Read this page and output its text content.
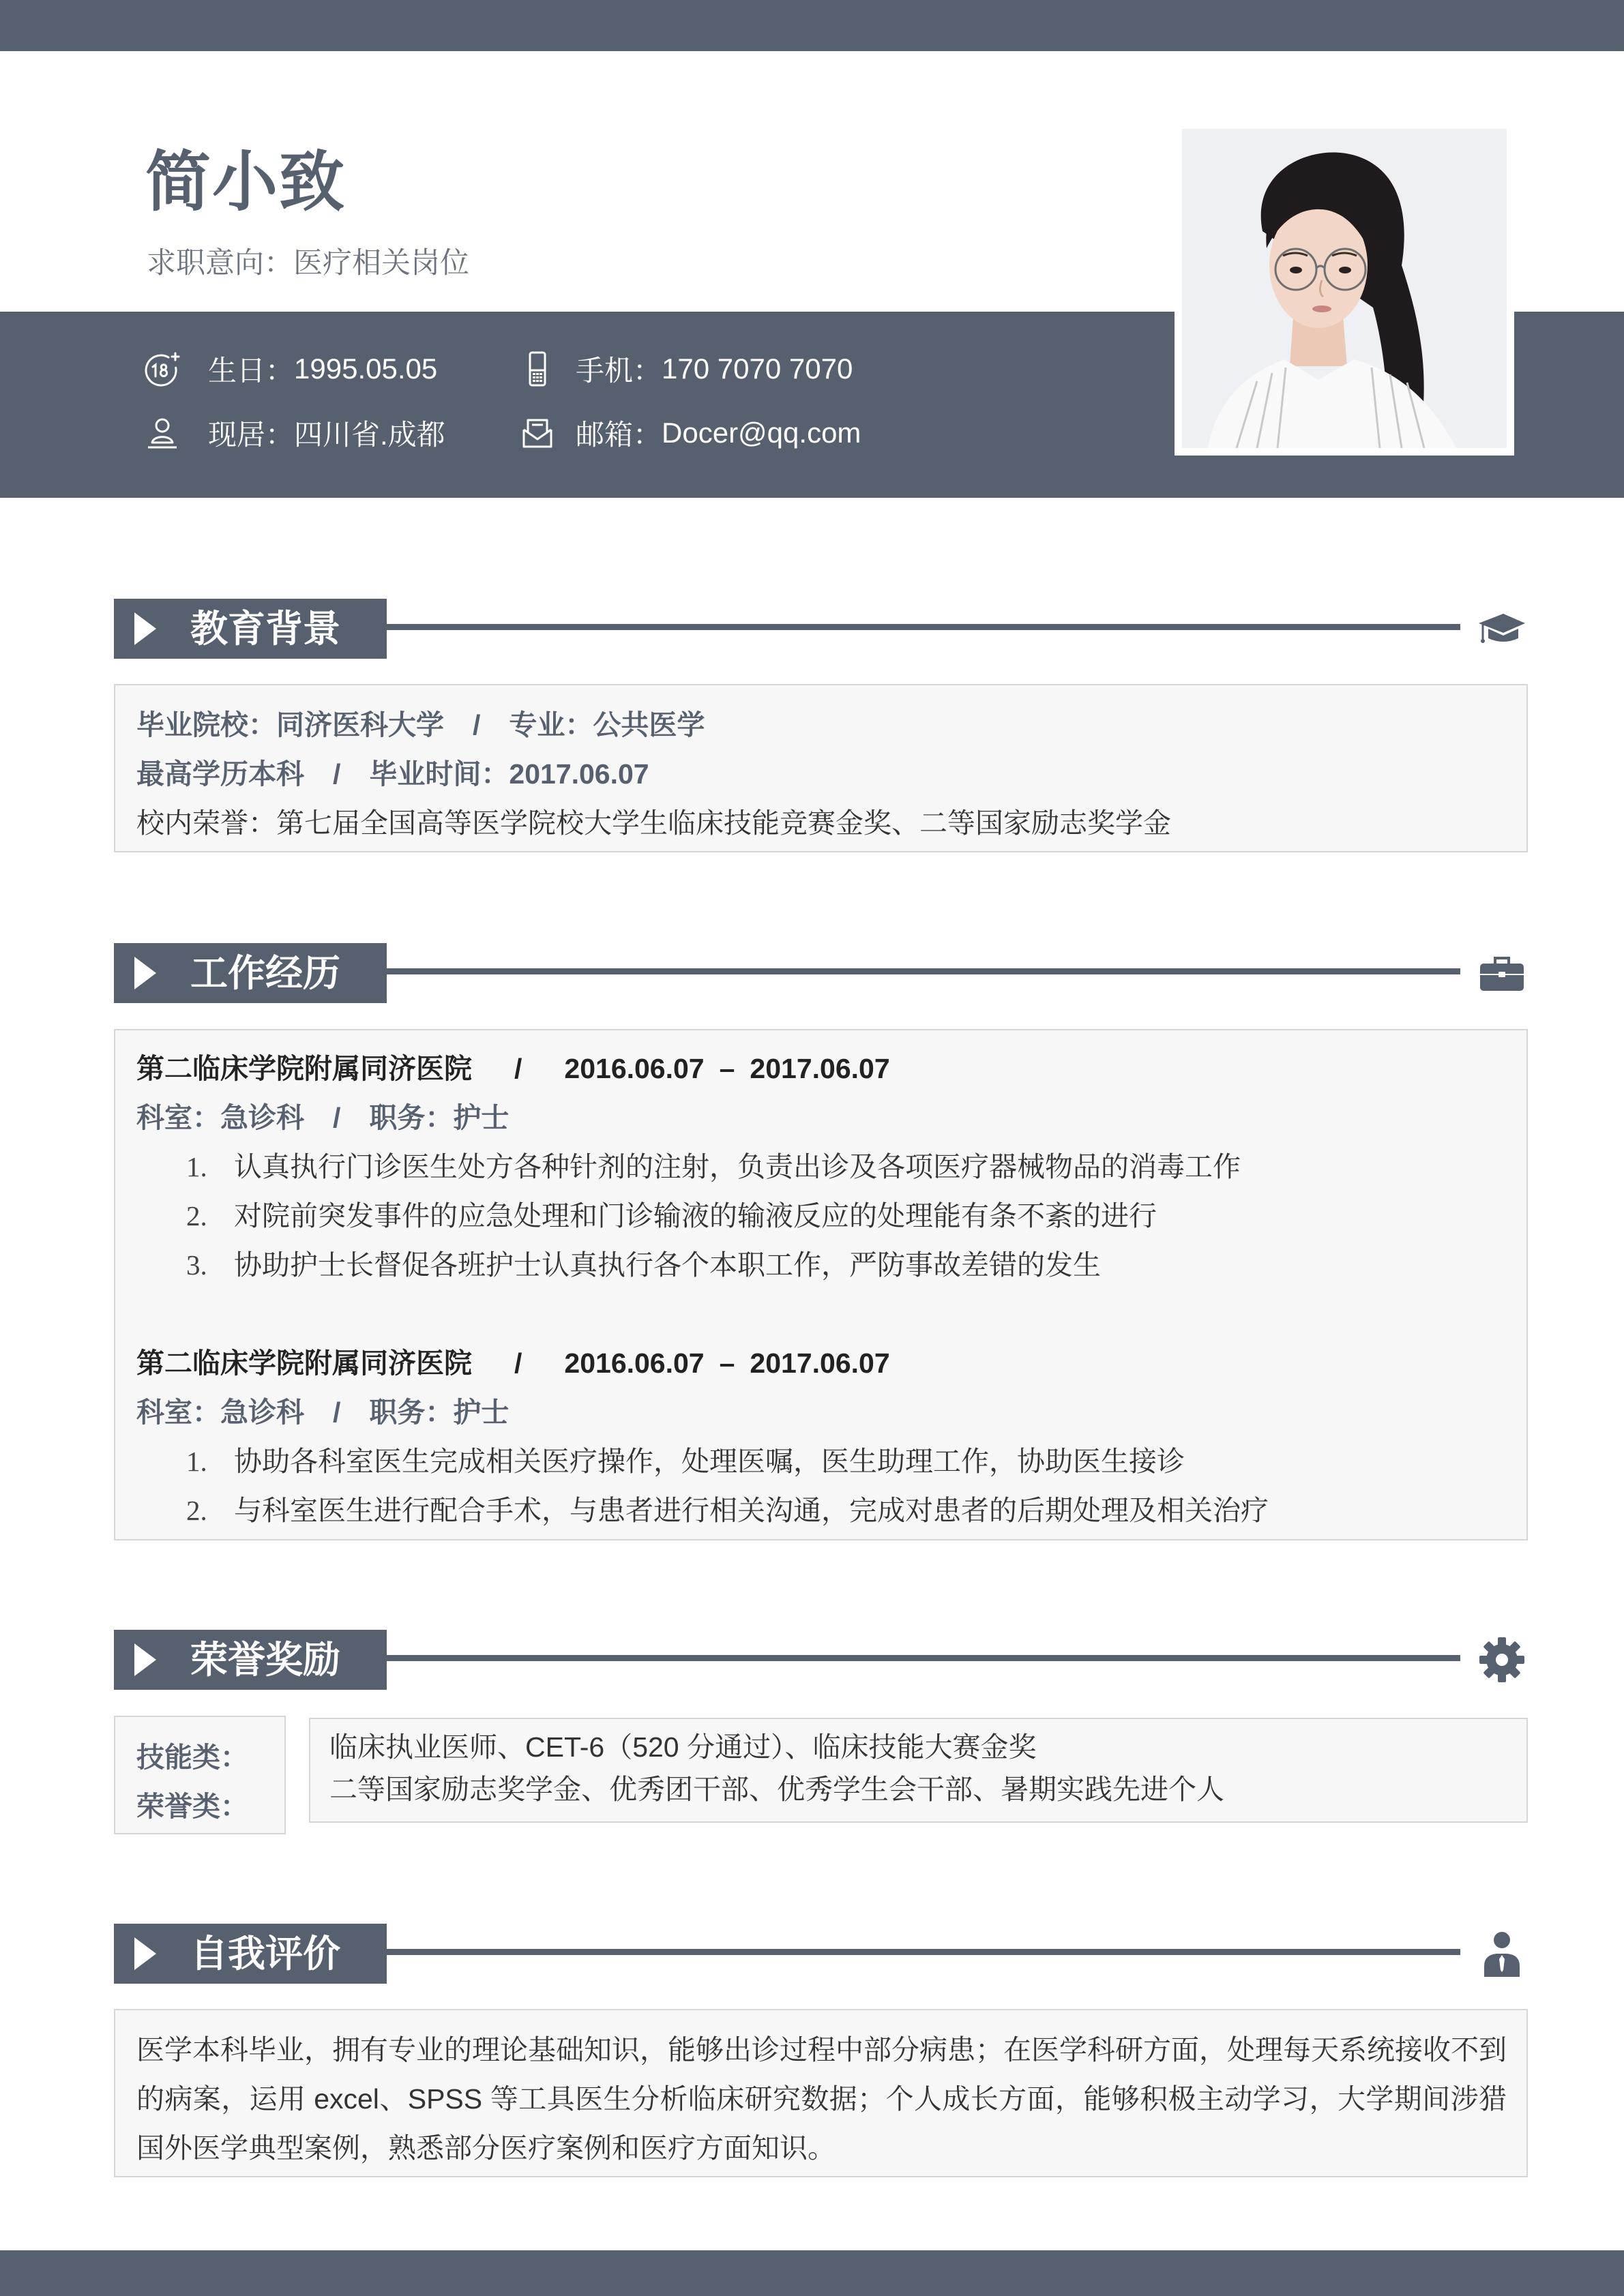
简小致
求职意向：医疗相关岗位
生日： 1995.05.05	手机： 170 7070 7070
现居： 四川省.成都	邮箱： Docer@qq.com
教育背景
毕业院校： 同济医科大学 / 专业： 公共医学
最高学历本科 / 毕业时间： 2017.06.07
校内荣誉： 第七届全国高等医学院校大学生临床技能竞赛金奖、二等国家励志奖学金
工作经历
第二临床学院附属同济医院 / 2016.06.07 – 2017.06.07
科室： 急诊科 / 职务： 护士
1. 认真执行门诊医生处方各种针剂的注射，负责出诊及各项医疗器械物品的消毒工作
2. 对院前突发事件的应急处理和门诊输液的输液反应的处理能有条不紊的进行
3. 协助护士长督促各班护士认真执行各个本职工作，严防事故差错的发生
第二临床学院附属同济医院 / 2016.06.07 – 2017.06.07
科室： 急诊科 / 职务： 护士
1. 协助各科室医生完成相关医疗操作，处理医嘱，医生助理工作，协助医生接诊
2. 与科室医生进行配合手术，与患者进行相关沟通，完成对患者的后期处理及相关治疗
荣誉奖励
技能类：
荣誉类：
临床执业医师、CET-6（520 分通过）、临床技能大赛金奖
二等国家励志奖学金、优秀团干部、优秀学生会干部、暑期实践先进个人
自我评价

医学本科毕业，拥有专业的理论基础知识，能够出诊过程中部分病患；在医学科研方面，处理每天系统接收不到的病案，运用 excel、SPSS 等工具医生分析临床研究数据；个人成长方面，能够积极主动学习，大学期间涉猎国外医学典型案例，熟悉部分医疗案例和医疗方面知识。
